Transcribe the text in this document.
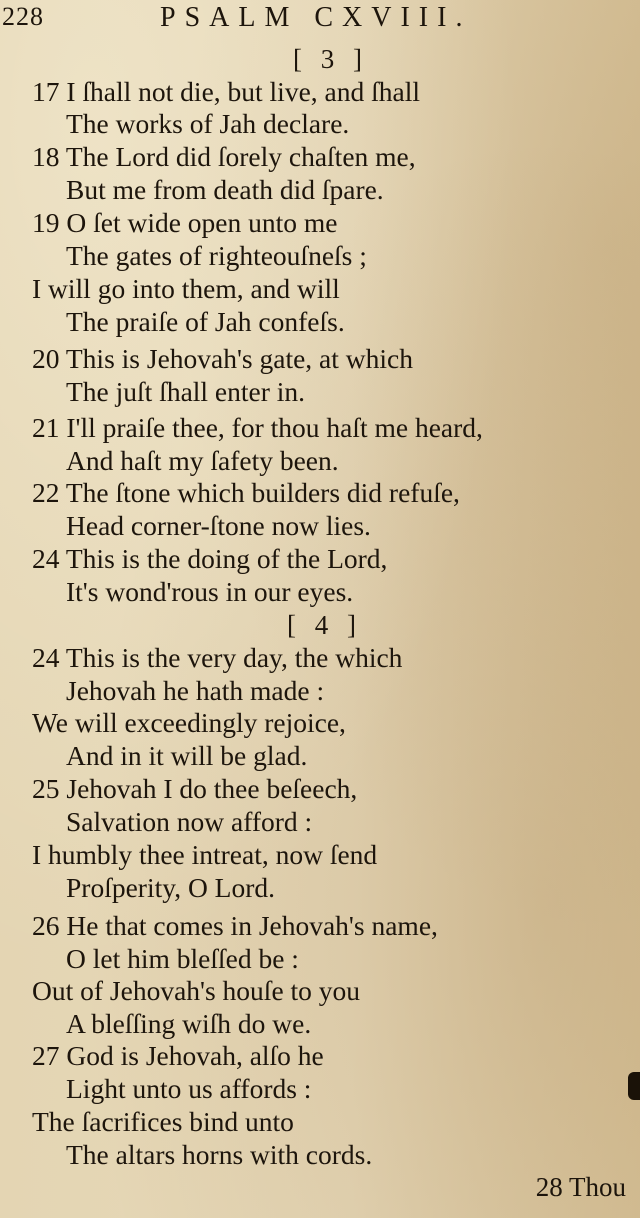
228	PSALM CXVIII.
[ 3 ]
17 I ſhall not die, but live, and ſhall
The works of Jah declare.
18 The Lord did ſorely chaſten me,
But me from death did ſpare.
19 O ſet wide open unto me
The gates of righteouſneſs ;
I will go into them, and will
The praiſe of Jah confeſs.
20 This is Jehovah's gate, at which
The juſt ſhall enter in.
21 I'll praiſe thee, for thou haſt me heard,
And haſt my ſafety been.
22 The ſtone which builders did refuſe,
Head corner-ſtone now lies.
24 This is the doing of the Lord,
It's wond'rous in our eyes.
[ 4 ]
24 This is the very day, the which
Jehovah he hath made :
We will exceedingly rejoice,
And in it will be glad.
25 Jehovah I do thee beſeech,
Salvation now afford :
I humbly thee intreat, now ſend
Proſperity, O Lord.
26 He that comes in Jehovah's name,
O let him bleſſed be :
Out of Jehovah's houſe to you
A bleſſing wiſh do we.
27 God is Jehovah, alſo he
Light unto us affords :
The ſacrifices bind unto
The altars horns with cords.
28 Thou
